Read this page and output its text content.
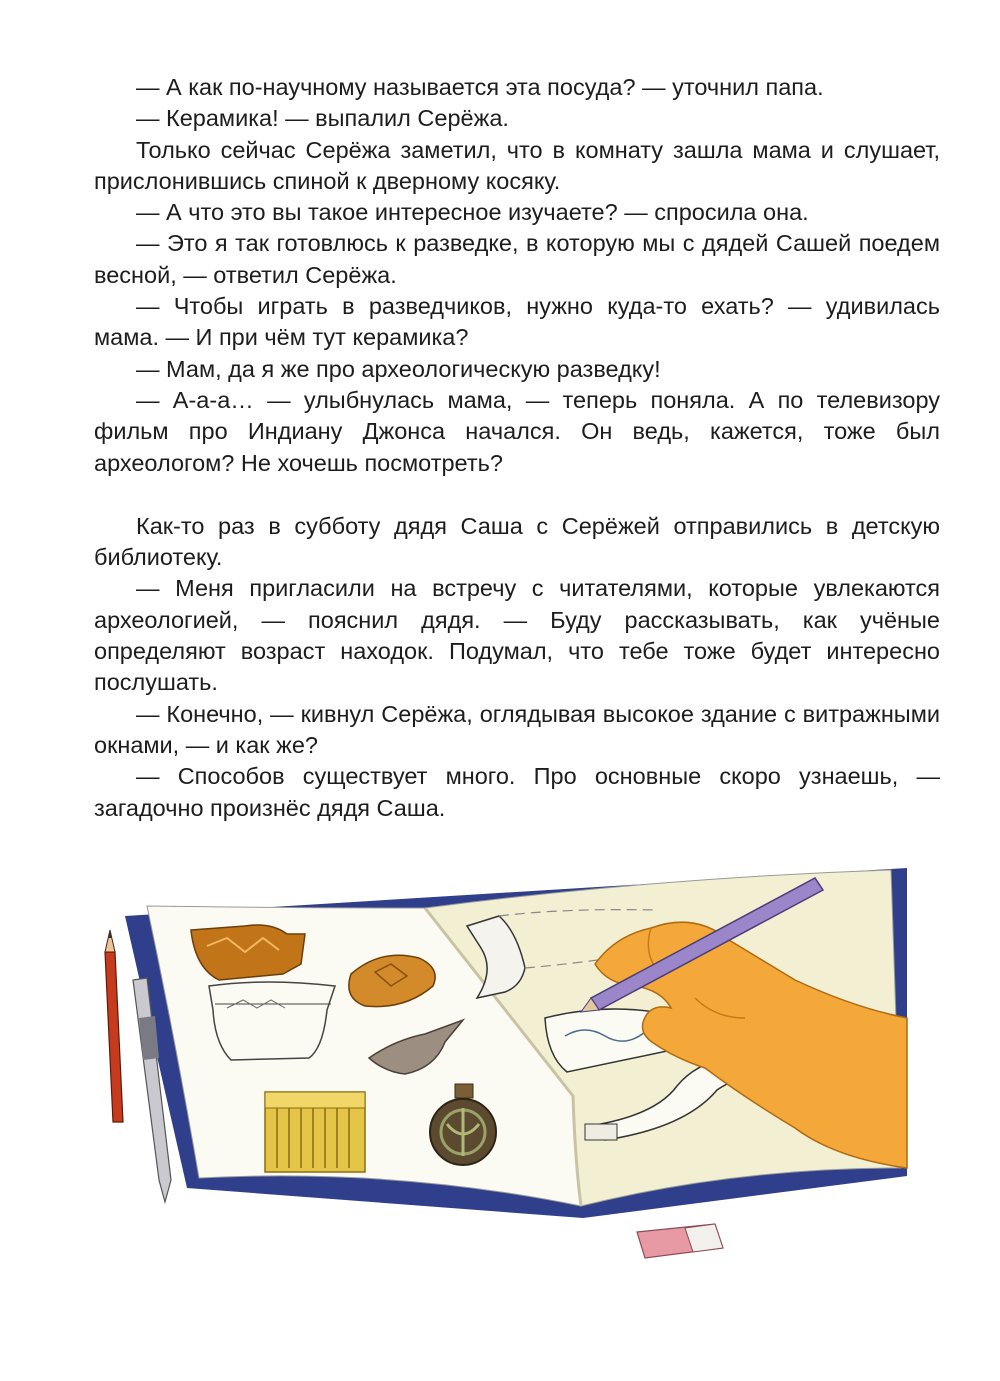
— А как по-научному называется эта посуда? — уточнил папа.

— Керамика! — выпалил Серёжа.

Только сейчас Серёжа заметил, что в комнату зашла мама и слушает, прислонившись спиной к дверному косяку.

— А что это вы такое интересное изучаете? — спросила она.

— Это я так готовлюсь к разведке, в которую мы с дядей Сашей поедем весной, — ответил Серёжа.

— Чтобы играть в разведчиков, нужно куда-то ехать? — удивилась мама. — И при чём тут керамика?

— Мам, да я же про археологическую разведку!

— А-а-а… — улыбнулась мама, — теперь поняла. А по телевизору фильм про Индиану Джонса начался. Он ведь, кажется, тоже был археологом? Не хочешь посмотреть?

Как-то раз в субботу дядя Саша с Серёжей отправились в детскую библиотеку.

— Меня пригласили на встречу с читателями, которые увлекаются археологией, — пояснил дядя. — Буду рассказывать, как учёные определяют возраст находок. Подумал, что тебе тоже будет интересно послушать.

— Конечно, — кивнул Серёжа, оглядывая высокое здание с витражными окнами, — и как же?

— Способов существует много. Про основные скоро узнаешь, — загадочно произнёс дядя Саша.
